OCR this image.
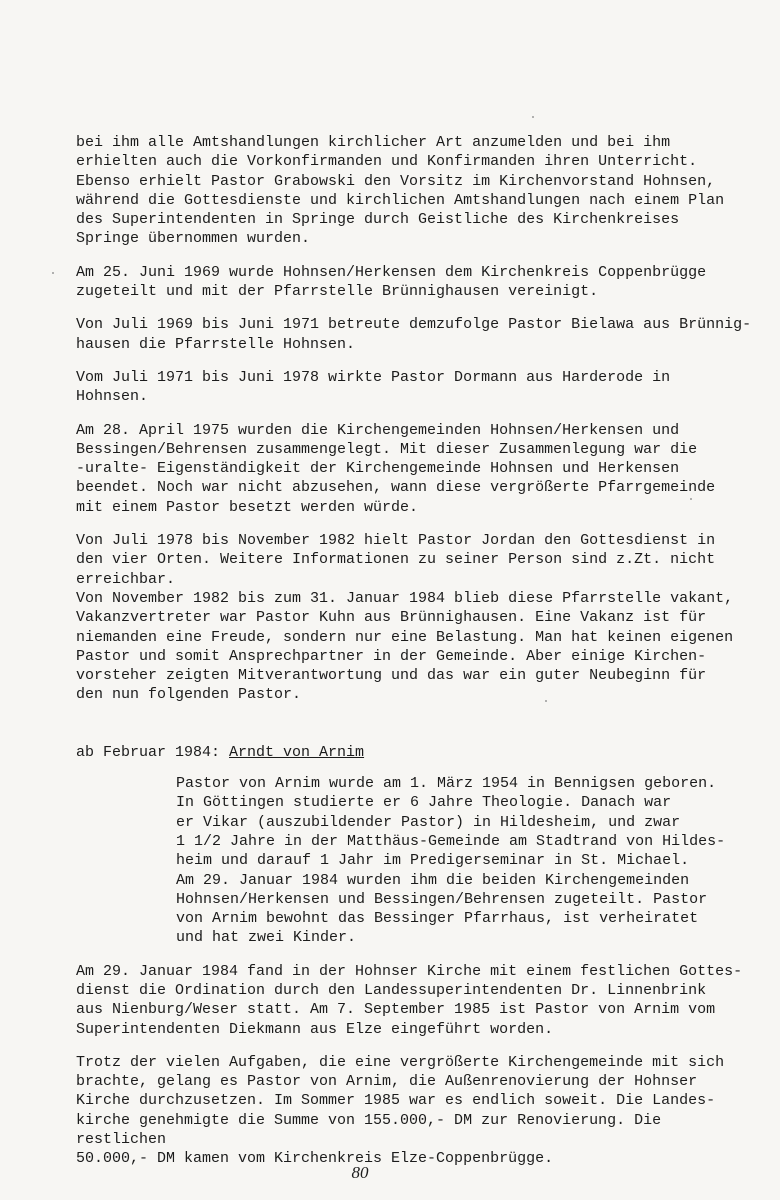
bei ihm alle Amtshandlungen kirchlicher Art anzumelden und bei ihm
erhielten auch die Vorkonfirmanden und Konfirmanden ihren Unterricht.
Ebenso erhielt Pastor Grabowski den Vorsitz im Kirchenvorstand Hohnsen,
während die Gottesdienste und kirchlichen Amtshandlungen nach einem Plan
des Superintendenten in Springe durch Geistliche des Kirchenkreises
Springe übernommen wurden.

Am 25. Juni 1969 wurde Hohnsen/Herkensen dem Kirchenkreis Coppenbrügge
zugeteilt und mit der Pfarrstelle Brünnighausen vereinigt.

Von Juli 1969 bis Juni 1971 betreute demzufolge Pastor Bielawa aus Brünnig-
hausen die Pfarrstelle Hohnsen.

Vom Juli 1971 bis Juni 1978 wirkte Pastor Dormann aus Harderode in
Hohnsen.

Am 28. April 1975 wurden die Kirchengemeinden Hohnsen/Herkensen und
Bessingen/Behrensen zusammengelegt. Mit dieser Zusammenlegung war die
-uralte- Eigenständigkeit der Kirchengemeinde Hohnsen und Herkensen
beendet. Noch war nicht abzusehen, wann diese vergrößerte Pfarrgemeinde
mit einem Pastor besetzt werden würde.

Von Juli 1978 bis November 1982 hielt Pastor Jordan den Gottesdienst in
den vier Orten. Weitere Informationen zu seiner Person sind z.Zt. nicht
erreichbar.

Von November 1982 bis zum 31. Januar 1984 blieb diese Pfarrstelle vakant,
Vakanzvertreter war Pastor Kuhn aus Brünnighausen. Eine Vakanz ist für
niemanden eine Freude, sondern nur eine Belastung. Man hat keinen eigenen
Pastor und somit Ansprechpartner in der Gemeinde. Aber einige Kirchen-
vorsteher zeigten Mitverantwortung und das war ein guter Neubeginn für
den nun folgenden Pastor.

ab Februar 1984: Arndt von Arnim

Pastor von Arnim wurde am 1. März 1954 in Bennigsen geboren.
In Göttingen studierte er 6 Jahre Theologie. Danach war
er Vikar (auszubildender Pastor) in Hildesheim, und zwar
1 1/2 Jahre in der Matthäus-Gemeinde am Stadtrand von Hildes-
heim und darauf 1 Jahr im Predigerseminar in St. Michael.
Am 29. Januar 1984 wurden ihm die beiden Kirchengemeinden
Hohnsen/Herkensen und Bessingen/Behrensen zugeteilt. Pastor
von Arnim bewohnt das Bessinger Pfarrhaus, ist verheiratet
und hat zwei Kinder.

Am 29. Januar 1984 fand in der Hohnser Kirche mit einem festlichen Gottes-
dienst die Ordination durch den Landessuperintendenten Dr. Linnenbrink
aus Nienburg/Weser statt. Am 7. September 1985 ist Pastor von Arnim vom
Superintendenten Diekmann aus Elze eingeführt worden.

Trotz der vielen Aufgaben, die eine vergrößerte Kirchengemeinde mit sich
brachte, gelang es Pastor von Arnim, die Außenrenovierung der Hohnser
Kirche durchzusetzen. Im Sommer 1985 war es endlich soweit. Die Landes-
kirche genehmigte die Summe von 155.000,- DM zur Renovierung. Die restlichen
50.000,- DM kamen vom Kirchenkreis Elze-Coppenbrügge.

80
